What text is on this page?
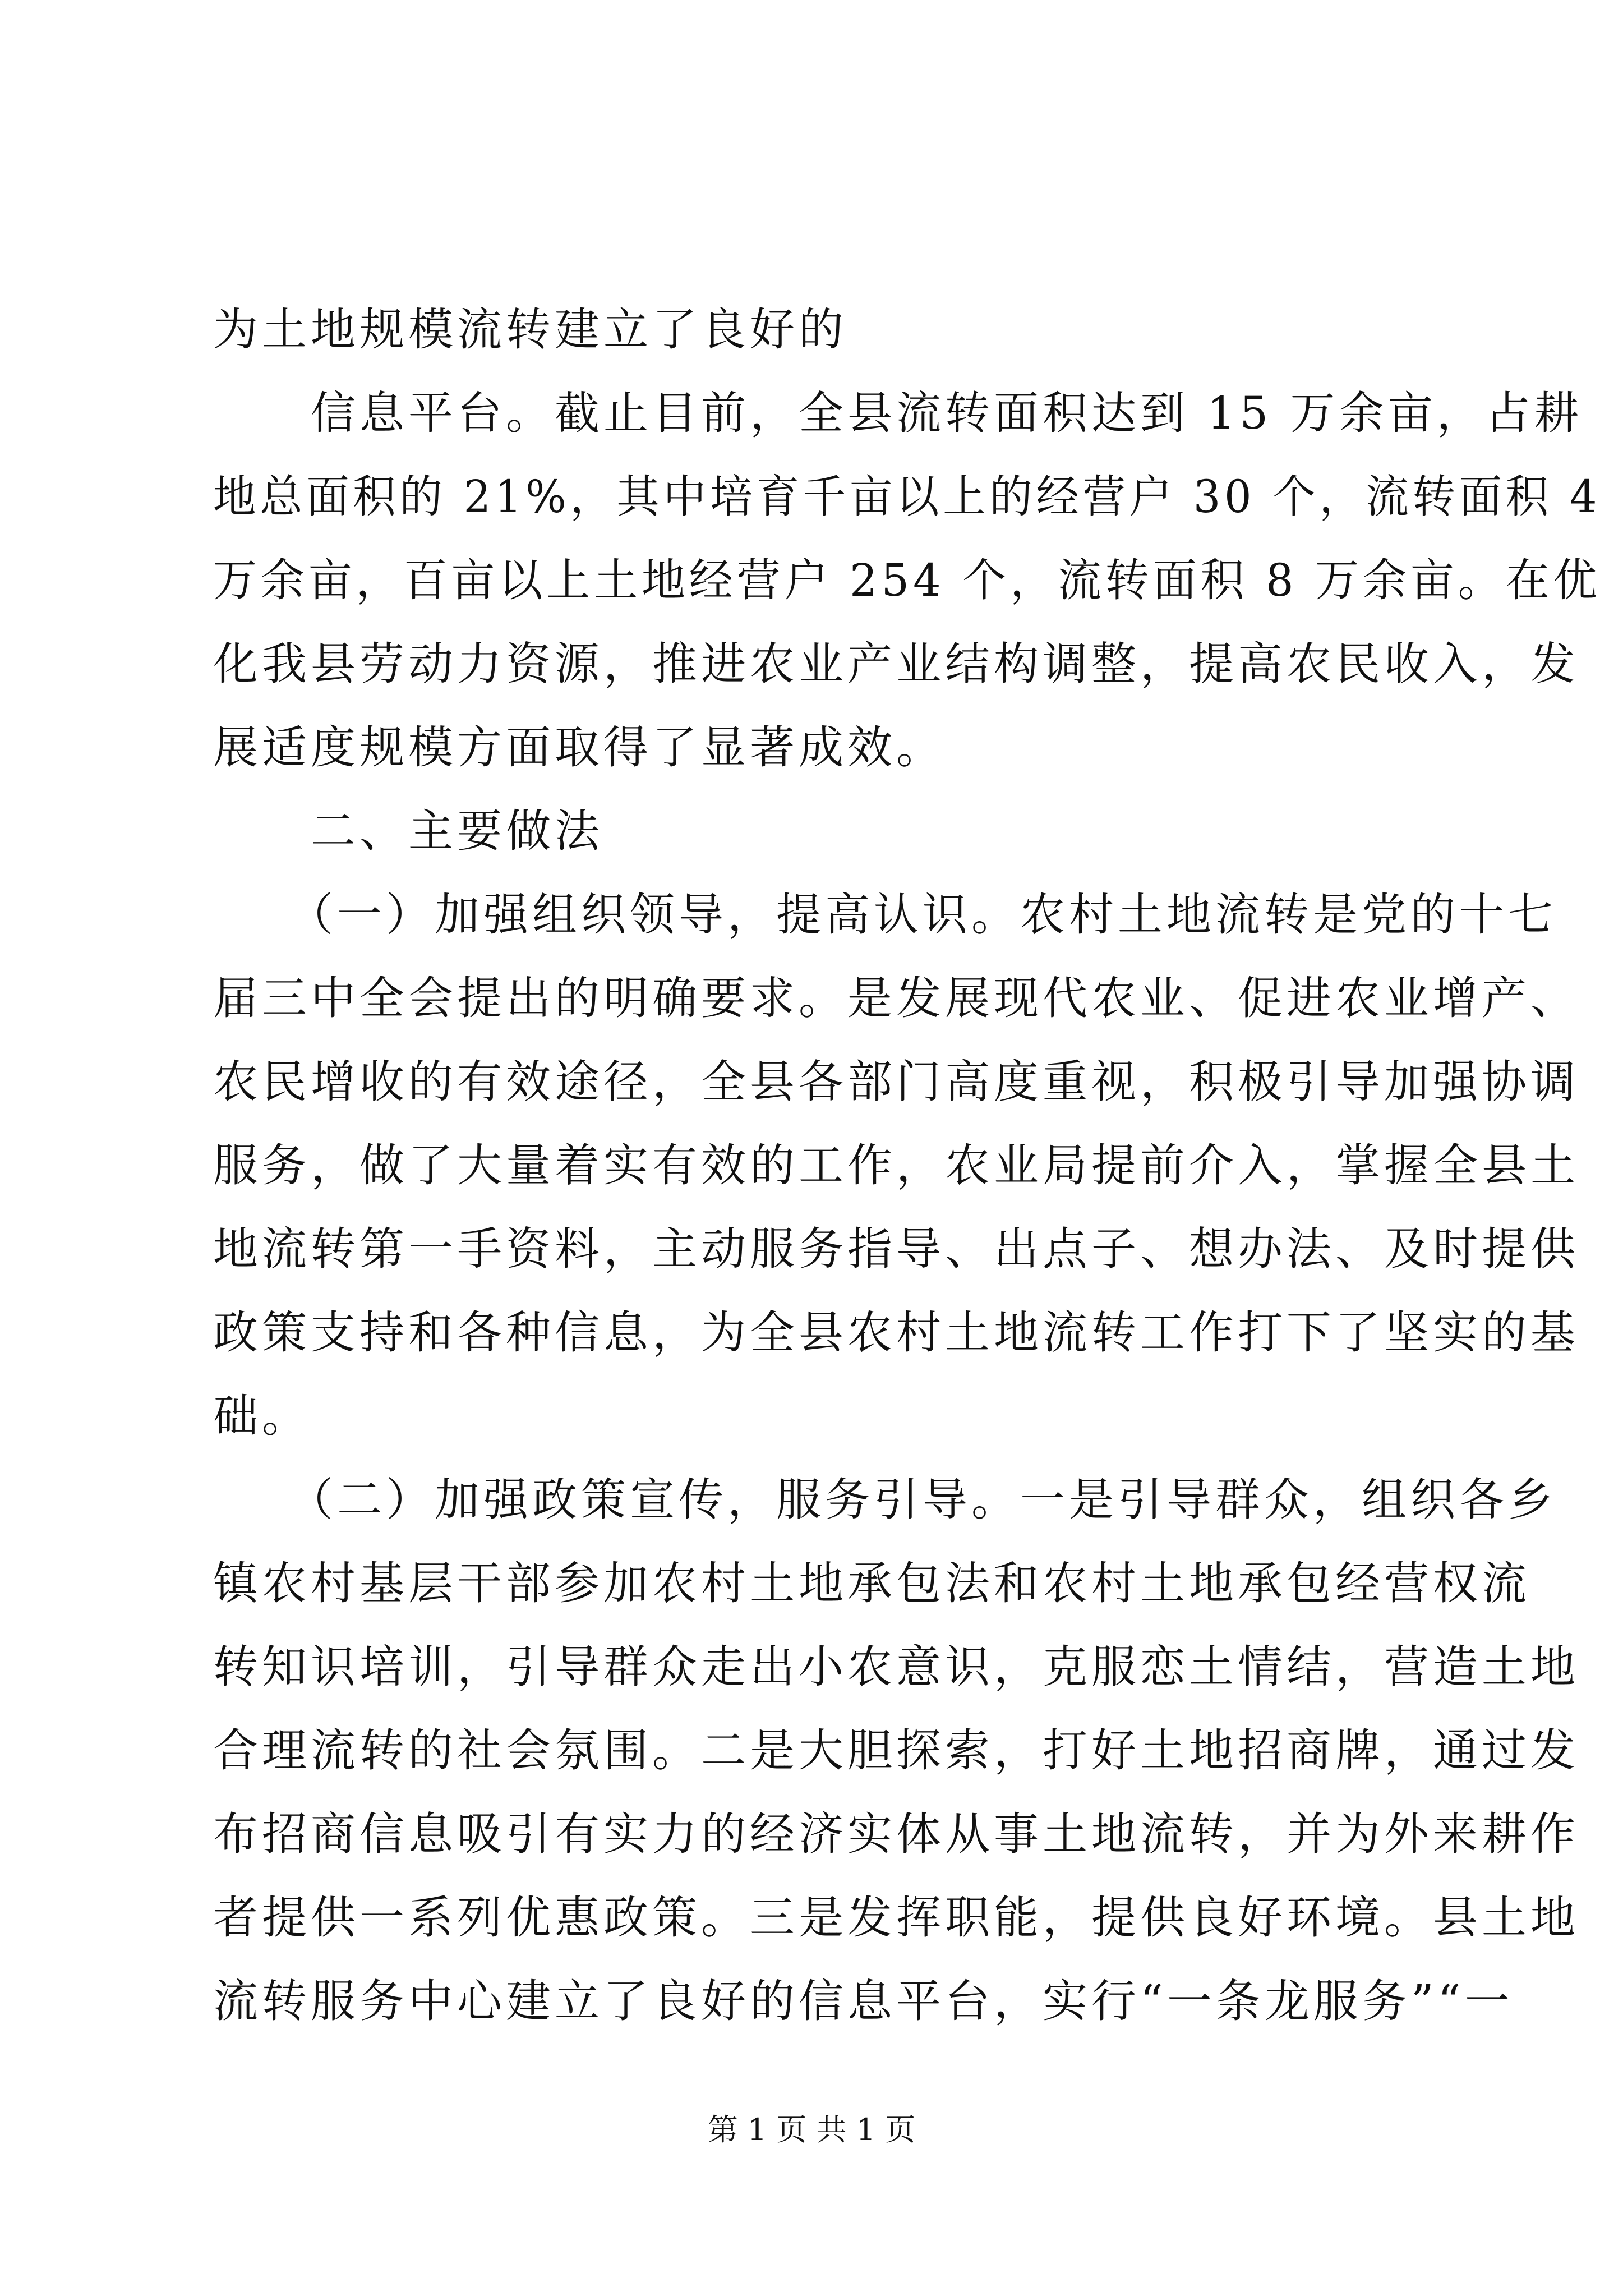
为土地规模流转建立了良好的
　　信息平台。截止目前，全县流转面积达到 15 万余亩，占耕
地总面积的 21%，其中培育千亩以上的经营户 30 个，流转面积 4
万余亩，百亩以上土地经营户 254 个，流转面积 8 万余亩。在优
化我县劳动力资源，推进农业产业结构调整，提高农民收入，发
展适度规模方面取得了显著成效。
　　二、主要做法
　　（一）加强组织领导，提高认识。农村土地流转是党的十七
届三中全会提出的明确要求。是发展现代农业、促进农业增产、
农民增收的有效途径，全县各部门高度重视，积极引导加强协调
服务，做了大量着实有效的工作，农业局提前介入，掌握全县土
地流转第一手资料，主动服务指导、出点子、想办法、及时提供
政策支持和各种信息，为全县农村土地流转工作打下了坚实的基
础。
　　（二）加强政策宣传，服务引导。一是引导群众，组织各乡
镇农村基层干部参加农村土地承包法和农村土地承包经营权流
转知识培训，引导群众走出小农意识，克服恋土情结，营造土地
合理流转的社会氛围。二是大胆探索，打好土地招商牌，通过发
布招商信息吸引有实力的经济实体从事土地流转，并为外来耕作
者提供一系列优惠政策。三是发挥职能，提供良好环境。县土地
流转服务中心建立了良好的信息平台，实行“一条龙服务”“一
第 1 页 共 1 页
